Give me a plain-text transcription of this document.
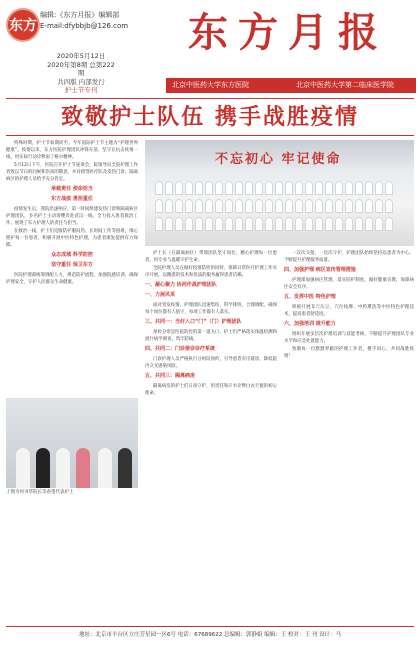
东方
编辑:《东方月报》编辑部
E-mail:dfybbjb@126.com
2020年5月12日
2020年第8期 总第222期
共四版 内部发行
护士节专刊
东方月报
北京中医药大学东方医院	北京中医药大学第二临床医学院
致敬护士队伍 携手战胜疫情
特殊时期，护士节如期而至。今年国际护士节主题为“护理世界健康”。疫情以来，东方医院护理团队冲锋在前，坚守在抗击疫情一线，用实际行动诠释南丁格尔精神。
5月12日下午，医院召开护士节座谈会，院领导向全院护理工作者致以节日的问候和崇高的敬意，并对援鄂医疗队及发热门诊、隔离病区的护理人员给予充分肯定。
承载责任 使命担当
东方战疫 勇担重任
疫情发生后，我院迅速响应，第一时间组建发热门诊和隔离病区护理团队，多名护士主动请缨奔赴武汉一线，全力投入患者救治工作，展现了东方护理人的责任与担当。
在救治一线，护士们克服防护服闷热、长时间工作等困难，细心照护每一位患者，积极开展中医特色护理，为患者康复提供有力保障。
众志成城 科学防控
坚守重任 保卫东方
医院护理部统筹调配人力，规范防护流程，加强院感培训，确保护理安全，守护人民群众生命健康。
不忘初心 牢记使命
护士长（在隔离病区）带领团队坚守岗位，精心护理每一位患者，用专业与温暖守护生命。
全院护理人员在做好疫情防控的同时，保障日常医疗护理工作有序开展，以精湛的技术和优质的服务赢得患者信赖。
一、凝心聚力 协同作战护理团队
一、力展风采
面对突发疫情，护理团队迅速集结，科学排班，合理调配，确保每个岗位都有人值守，每项工作都有人落实。
三、共同一：当好入口“门”（门）护理团队
预检分诊是医院防控的第一道关口，护士们严格落实体温检测和流行病学调查，筑牢防线。
四、共同二：门诊接诊诊疗系统
门诊护理人员严格执行分时段预约，引导患者有序就诊，降低院内交叉感染风险。
五、共同三：隔离病房
隔离病房的护士们日夜守护，用责任和汗水诠释白衣天使的初心使命。
一次次交接，一次次守护，护理团队始终坚持以患者为中心，不断提升护理服务质量。
四、加强护理 病区宣传管理措施
护理部加强病区管理，落实陪护制度，做好健康宣教，保障病区安全有序。
五、发挥中医 特色护理
积极开展耳穴压豆、穴位按摩、中药熏洗等中医特色护理技术，提高患者舒适度。
六、加强培训 提升能力
组织开展多层次护理培训与技能考核，不断提升护理团队专业水平和应急处置能力。
致敬每一位默默奉献的护理工作者，携手同心，共同战胜疫情！
上图为何书华院长等看望代表护士
地址：北京市丰台区方庄芳星园一区6号 电话：67689622 总编辑：郭静娟 编辑：王 校对：王 刊 设计：马
